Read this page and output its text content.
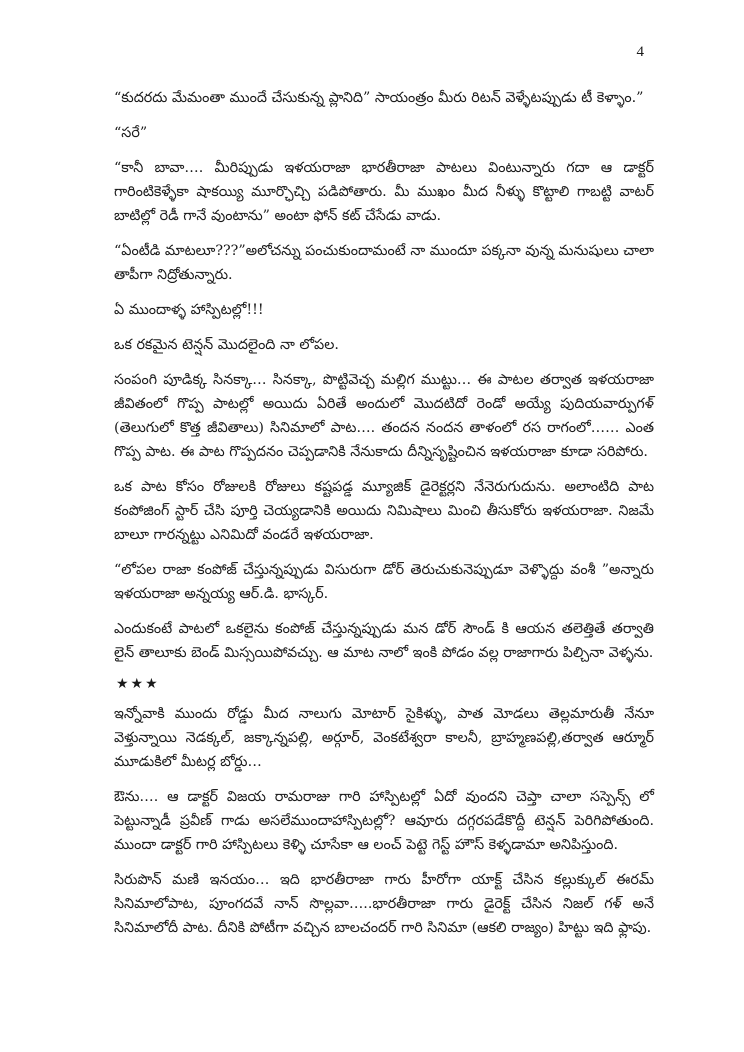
4

“కుదరదు మేమంతా ముందే చేసుకున్న ప్లానిది” సాయంత్రం మీరు రిటన్ వెళ్ళేటప్పుడు టీ కెళ్ళాం.”

“సరే”

“కానీ బావా…. మీరిప్పుడు ఇళయరాజా భారతీరాజా పాటలు వింటున్నారు గదా ఆ డాక్టర్ గారింటికెళ్ళేకా షాకయ్యి మూర్ఛొచ్చి పడిపోతారు. మీ ముఖం మీద నీళ్ళు కొట్టాలి గాబట్టి వాటర్ బాటిల్లో రెడీ గానే వుంటాను” అంటా ఫోన్ కట్ చేసేడు వాడు.

“ఏంటీడి మాటలూ???”అలోచన్ను పంచుకుందామంటే నా ముందూ పక్కనా వున్న మనుషులు చాలా తాపీగా నిద్రోతున్నారు.

ఏ ముందాళ్ళ హాస్పిటల్లో!!!

ఒక రకమైన టెన్షన్ మొదలైంది నా లోపల.

సంపంగి పూడిక్క సినక్కా… సినక్కా, పొట్టివెచ్చ మల్లిగ ముట్టు… ఈ పాటల తర్వాత ఇళయరాజా జీవితంలో గొప్ప పాటల్లో అయిదు ఏరితే అందులో మొదటిదో రెండో అయ్యే పుదియవార్పుగళ్ (తెలుగులో కొత్త జీవితాలు) సినిమాలో పాట…. తందన నందన తాళంలో రస రాగంలో…… ఎంత గొప్ప పాట. ఈ పాట గొప్పదనం చెప్పడానికి నేనుకాదు దీన్నిసృష్టించిన ఇళయరాజా కూడా సరిపోరు.

ఒక పాట కోసం రోజులకి రోజులు కష్టపడ్డ మ్యూజిక్ డైరెక్టర్లని నేనెరుగుదును. అలాంటిది పాట కంపోజింగ్ స్టార్ చేసి పూర్తి చెయ్యడానికి అయిదు నిమిషాలు మించి తీసుకోరు ఇళయరాజా. నిజమే బాలూ గారన్నట్టు ఎనిమిదో వండరే ఇళయరాజా.

“లోపల రాజా కంపోజ్ చేస్తున్నప్పుడు విసురుగా డోర్ తెరుచుకునెప్పుడూ వెళ్ళొద్దు వంశీ ”అన్నారు ఇళయరాజా అన్నయ్య ఆర్.డి. భాస్కర్.

ఎందుకంటే పాటలో ఒకలైను కంపోజ్ చేస్తున్నప్పుడు మన డోర్ సౌండ్ కి ఆయన తలెత్తితే తర్వాతి లైన్ తాలూకు బెండ్ మిస్సయిపోవచ్చు. ఆ మాట నాలో ఇంకి పోడం వల్ల రాజాగారు పిల్చినా వెళ్ళను.

★★★

ఇన్నోవాకి ముందు రోడ్డు మీద నాలుగు మోటార్ సైకిళ్ళు, పాత మోడలు తెల్లమారుతీ నేనూ వెళ్తున్నాయి నెడక్కల్, జక్కాన్నపల్లి, అర్గూర్, వెంకటేశ్వరా కాలనీ, బ్రాహ్మణపల్లి,తర్వాత ఆర్మూర్ మూడుకిలో మీటర్ల బోర్డు…

ఔను…. ఆ డాక్టర్ విజయ రామరాజు గారి హాస్పిటల్లో ఏదో వుందని చెప్తా చాలా సస్పెన్స్ లో పెట్టున్నాడీ ప్రవీణ్ గాడు అసలేముందాహాస్పిటల్లో? ఆవూరు దగ్గరపడేకొద్దీ టెన్షన్ పెరిగిపోతుంది. ముందా డాక్టర్ గారి హాస్పిటలు కెళ్ళి చూసేకా ఆ లంచ్ పెట్టె గెస్ట్ హౌస్ కెళ్ళడామా అనిపిస్తుంది.

సిరుపొన్ మణి ఇనయం… ఇది భారతీరాజా గారు హీరోగా యాక్ట్ చేసిన కల్లుక్కుల్ ఈరమ్ సినిమాలోపాట, పూంగదవే నాన్ సొల్లవా…..భారతీరాజా గారు డైరెక్ట్ చేసిన నిజల్ గళ్ అనే సినిమాలోదీ పాట. దీనికి పోటీగా వచ్చిన బాలచందర్ గారి సినిమా (ఆకలి రాజ్యం) హిట్టు ఇది ఫ్లాపు.
